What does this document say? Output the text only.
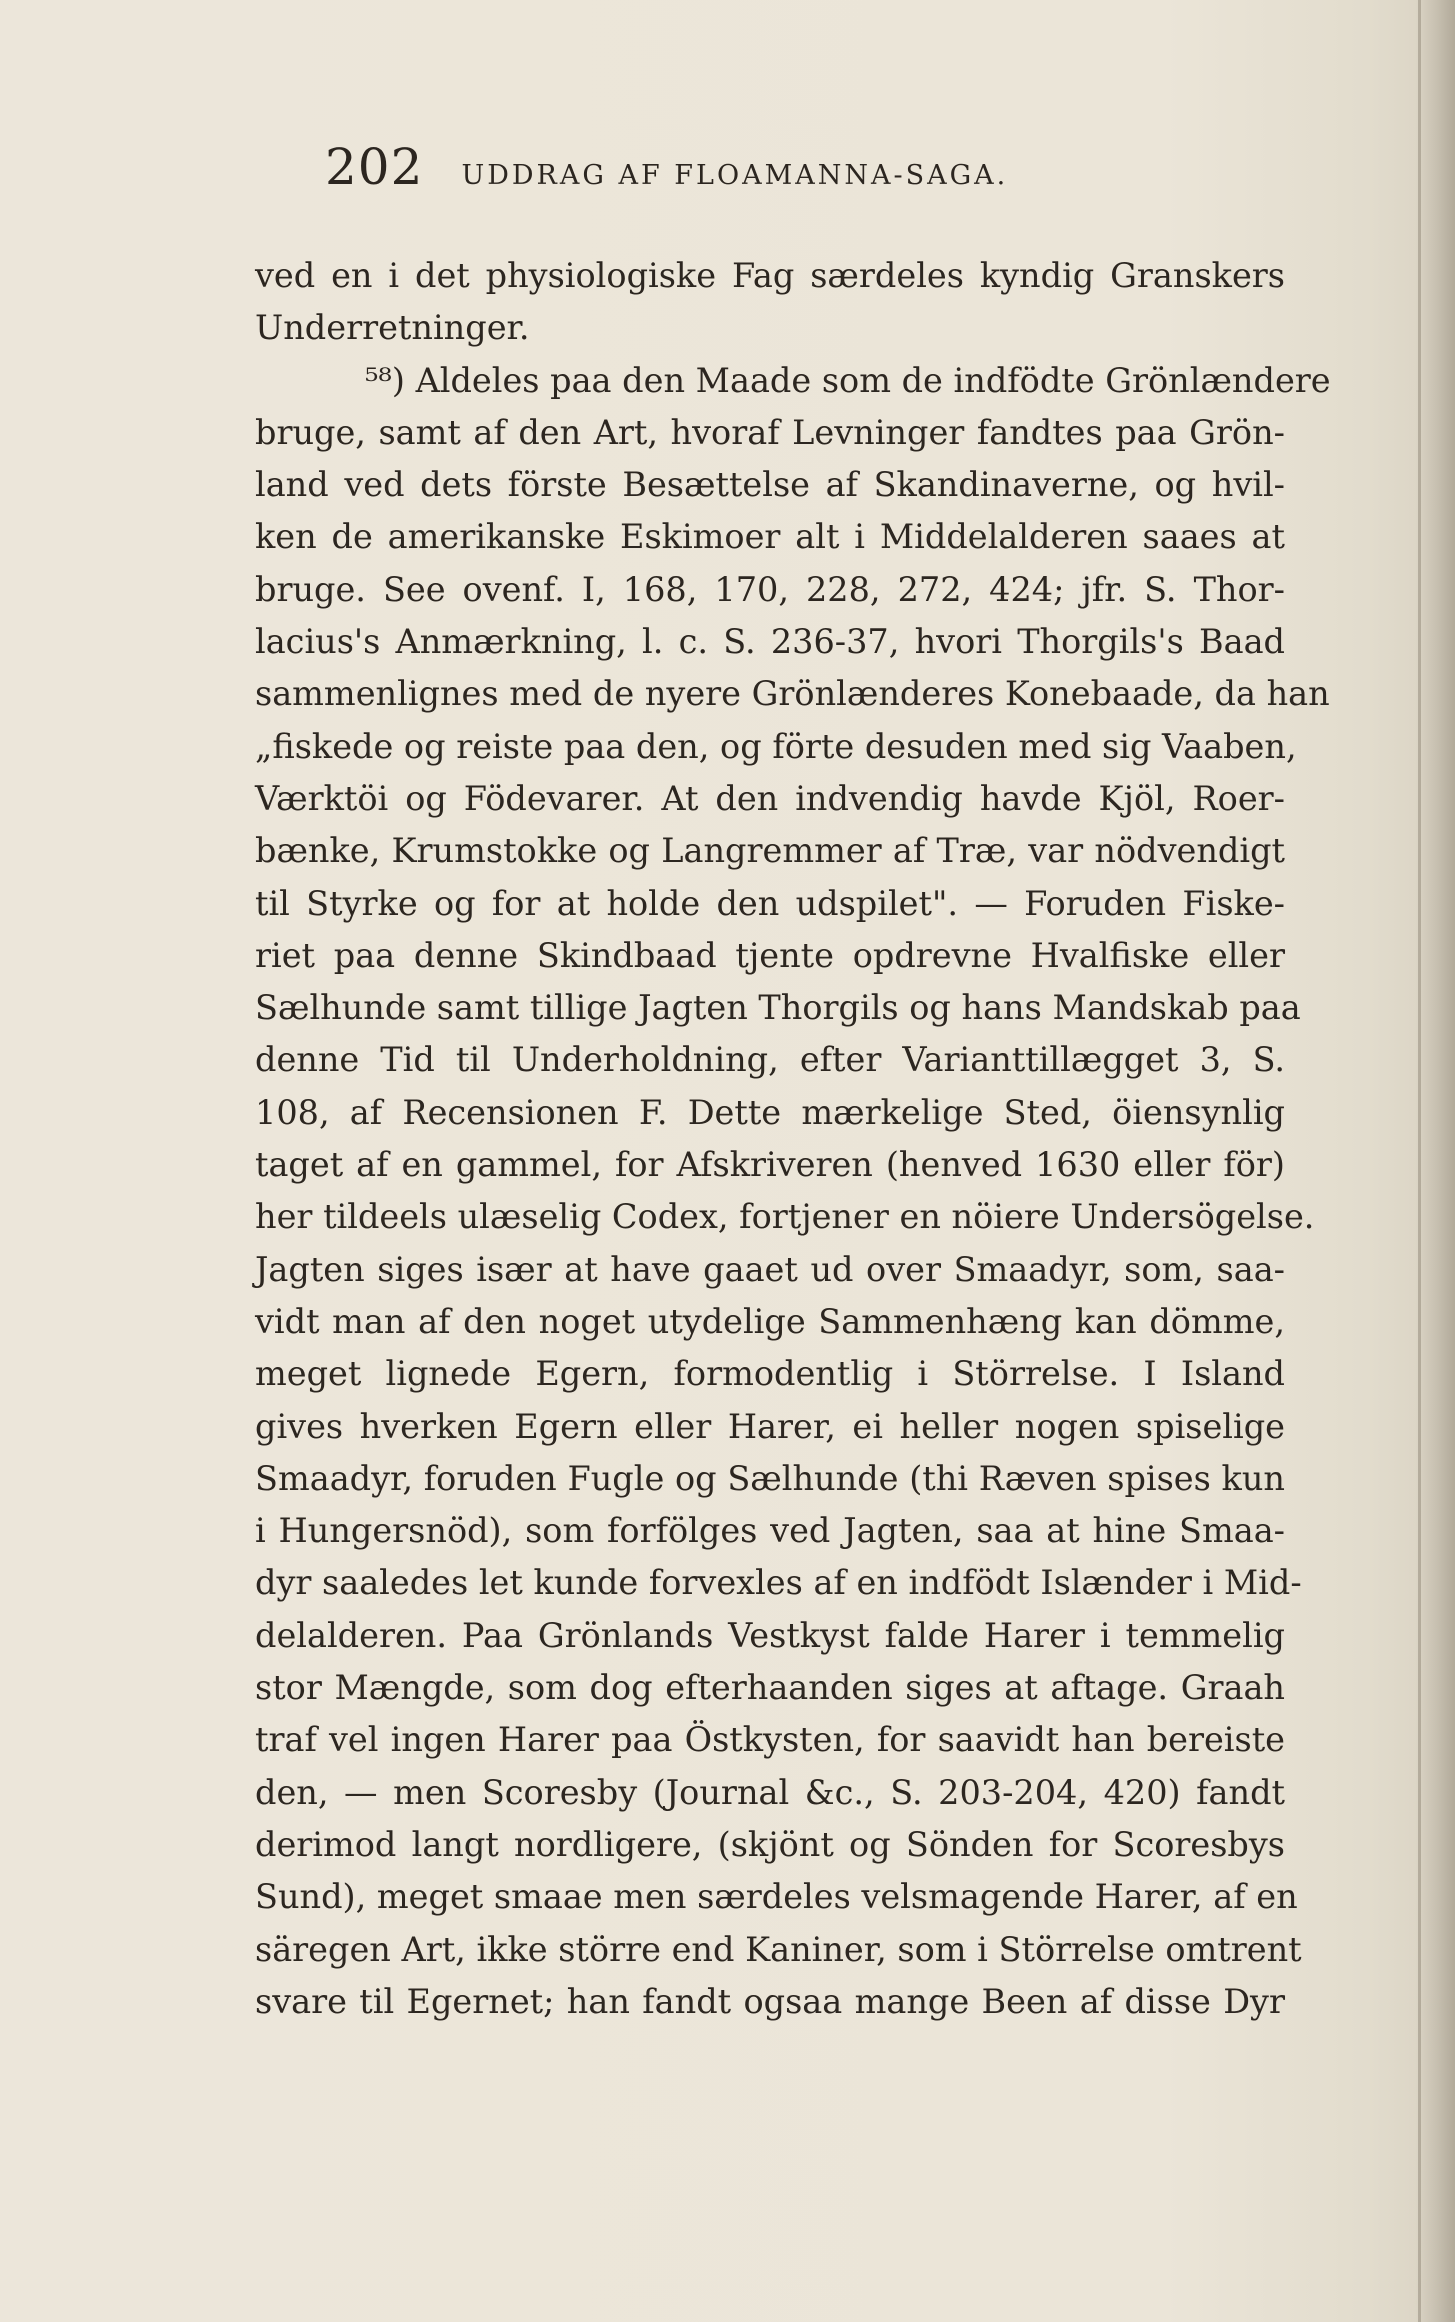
202 UDDRAG AF FLOAMANNA-SAGA.
ved en i det physiologiske Fag særdeles kyndig Granskers
Underretninger.
⁵⁸) Aldeles paa den Maade som de indfödte Grönlændere
bruge, samt af den Art, hvoraf Levninger fandtes paa Grön-
land ved dets förste Besættelse af Skandinaverne, og hvil-
ken de amerikanske Eskimoer alt i Middelalderen saaes at
bruge. See ovenf. I, 168, 170, 228, 272, 424; jfr. S. Thor-
lacius's Anmærkning, l. c. S. 236-37, hvori Thorgils's Baad
sammenlignes med de nyere Grönlænderes Konebaade, da han
„fiskede og reiste paa den, og förte desuden med sig Vaaben,
Værktöi og Födevarer. At den indvendig havde Kjöl, Roer-
bænke, Krumstokke og Langremmer af Træ, var nödvendigt
til Styrke og for at holde den udspilet". — Foruden Fiske-
riet paa denne Skindbaad tjente opdrevne Hvalfiske eller
Sælhunde samt tillige Jagten Thorgils og hans Mandskab paa
denne Tid til Underholdning, efter Varianttillægget 3, S.
108, af Recensionen F. Dette mærkelige Sted, öiensynlig
taget af en gammel, for Afskriveren (henved 1630 eller för)
her tildeels ulæselig Codex, fortjener en nöiere Undersögelse.
Jagten siges især at have gaaet ud over Smaadyr, som, saa-
vidt man af den noget utydelige Sammenhæng kan dömme,
meget lignede Egern, formodentlig i Störrelse. I Island
gives hverken Egern eller Harer, ei heller nogen spiselige
Smaadyr, foruden Fugle og Sælhunde (thi Ræven spises kun
i Hungersnöd), som forfölges ved Jagten, saa at hine Smaa-
dyr saaledes let kunde forvexles af en indfödt Islænder i Mid-
delalderen. Paa Grönlands Vestkyst falde Harer i temmelig
stor Mængde, som dog efterhaanden siges at aftage. Graah
traf vel ingen Harer paa Östkysten, for saavidt han bereiste
den, — men Scoresby (Journal &c., S. 203-204, 420) fandt
derimod langt nordligere, (skjönt og Sönden for Scoresbys
Sund), meget smaae men særdeles velsmagende Harer, af en
säregen Art, ikke större end Kaniner, som i Störrelse omtrent
svare til Egernet; han fandt ogsaa mange Been af disse Dyr
